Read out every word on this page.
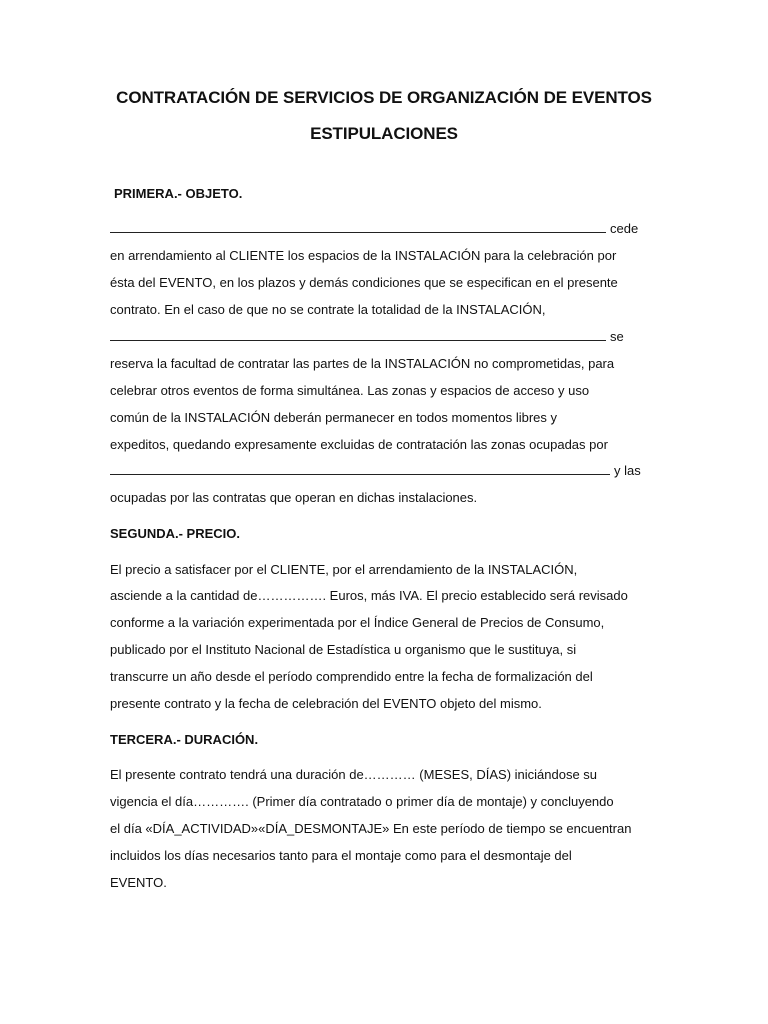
CONTRATACIÓN DE SERVICIOS DE ORGANIZACIÓN DE EVENTOS
ESTIPULACIONES
PRIMERA.- OBJETO.
cede
en arrendamiento al CLIENTE los espacios de la INSTALACIÓN para la celebración por
ésta del EVENTO, en los plazos y demás condiciones que se especifican en el presente
contrato. En el caso de que no se contrate la totalidad de la INSTALACIÓN,
se
reserva la facultad de contratar las partes de la INSTALACIÓN no comprometidas, para
celebrar otros eventos de forma simultánea. Las zonas y espacios de acceso y uso
común de la INSTALACIÓN deberán permanecer en todos momentos libres y
expeditos, quedando expresamente excluidas de contratación las zonas ocupadas por
y las
ocupadas por las contratas que operan en dichas instalaciones.
SEGUNDA.- PRECIO.
El precio a satisfacer por el CLIENTE, por el arrendamiento de la INSTALACIÓN,
asciende a la cantidad de……………. Euros, más IVA. El precio establecido será revisado
conforme a la variación experimentada por el Índice General de Precios de Consumo,
publicado por el Instituto Nacional de Estadística u organismo que le sustituya, si
transcurre un año desde el período comprendido entre la fecha de formalización del
presente contrato y la fecha de celebración del EVENTO objeto del mismo.
TERCERA.- DURACIÓN.
El presente contrato tendrá una duración de………… (MESES, DÍAS) iniciándose su
vigencia el día…………. (Primer día contratado o primer día de montaje) y concluyendo
el día «DÍA_ACTIVIDAD»«DÍA_DESMONTAJE» En este período de tiempo se encuentran
incluidos los días necesarios tanto para el montaje como para el desmontaje del
EVENTO.
